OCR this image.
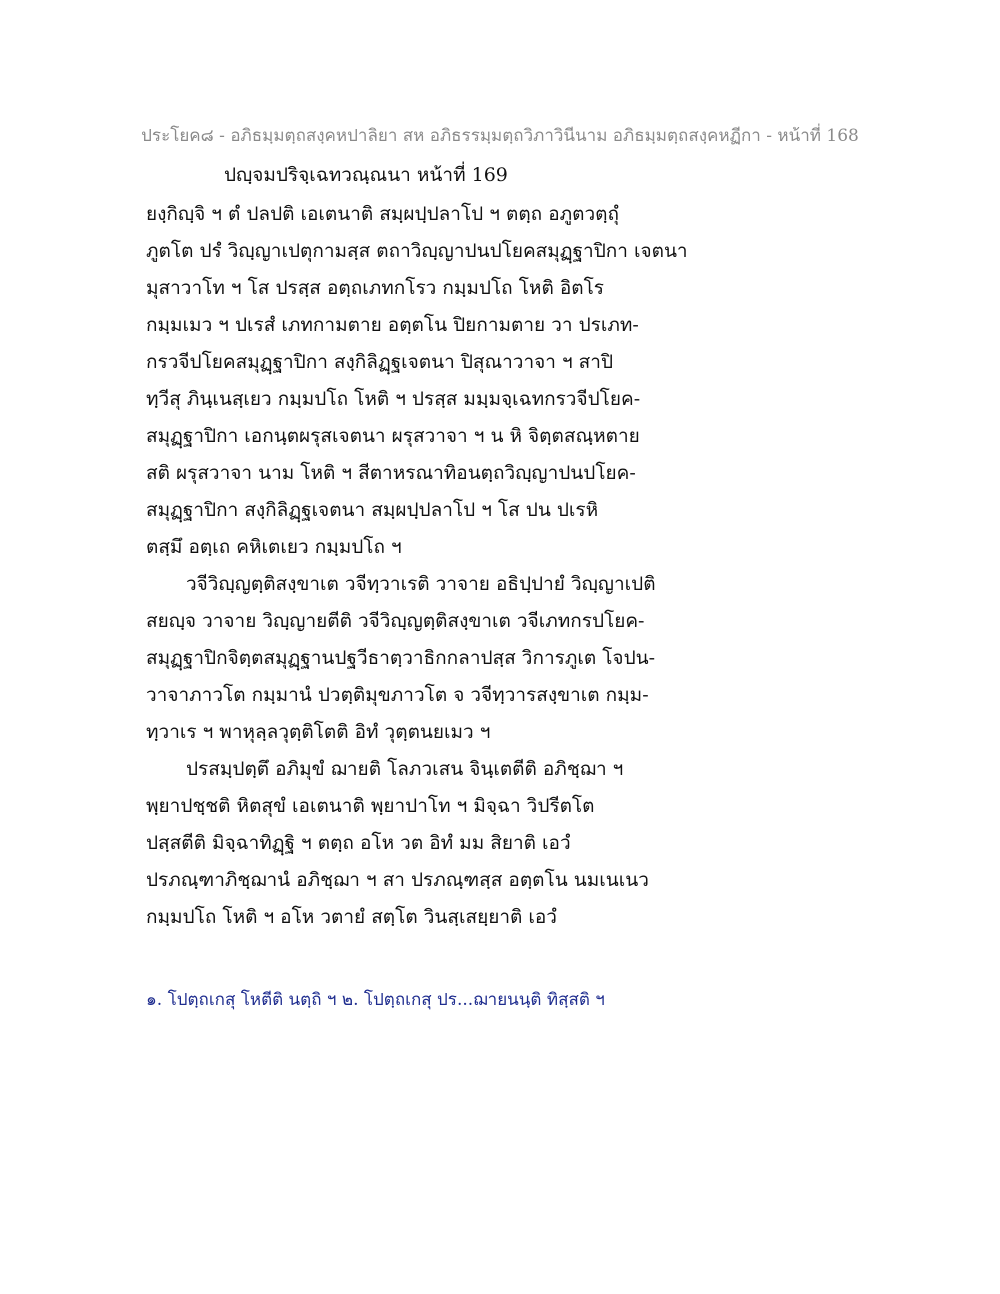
ประโยค๘ - อภิธมฺมตฺถสงฺคหปาลิยา สห อภิธรรมฺมตฺถวิภาวินีนาม อภิธมฺมตฺถสงฺคหฏีกา - หน้าที่ 168
ปญฺจมปริจฺเฉทวณฺณนา หน้าที่ 169
ยงฺกิญฺจิ ฯ ตํ ปลปติ เอเตนาติ สมฺผปฺปลาโป ฯ ตตฺถ อภูตวตฺถุํ
ภูตโต ปรํ วิญฺญาเปตุกามสฺส ตถาวิญฺญาปนปโยคสมุฏฺฐาปิกา เจตนา
มุสาวาโท ฯ โส ปรสฺส อตฺถเภทกโรว กมฺมปโถ โหติ อิตโร
กมฺมเมว ฯ ปเรสํ เภทกามตาย อตฺตโน ปิยกามตาย วา ปรเภท-
กรวจีปโยคสมุฏฺฐาปิกา สงฺกิลิฏฺฐเจตนา ปิสุณาวาจา ฯ สาปิ
ทฺวีสุ ภินฺเนสฺเยว กมฺมปโถ โหติ ฯ ปรสฺส มมฺมจฺเฉทกรวจีปโยค-
สมุฏฺฐาปิกา เอกนฺตผรุสเจตนา ผรุสวาจา ฯ น หิ จิตฺตสณฺหตาย
สติ ผรุสวาจา นาม โหติ ฯ สีตาหรณาทิอนตฺถวิญฺญาปนปโยค-
สมุฏฺฐาปิกา สงฺกิลิฏฺฐเจตนา สมฺผปฺปลาโป ฯ โส ปน ปเรหิ
ตสฺมึ อตฺเถ คหิเตเยว กมฺมปโถ ฯ
วจีวิญฺญตฺติสงฺขาเต วจีทฺวาเรติ วาจาย อธิปฺปายํ วิญฺญาเปติ
สยญฺจ วาจาย วิญฺญายตีติ วจีวิญฺญตฺติสงฺขาเต วจีเภทกรปโยค-
สมุฏฺฐาปิกจิตฺตสมุฏฺฐานปฐวีธาตฺวาธิกกลาปสฺส วิการภูเต โจปน-
วาจาภาวโต กมฺมานํ ปวตฺติมุขภาวโต จ วจีทฺวารสงฺขาเต กมฺม-
ทฺวาเร ฯ พาหุลฺลวุตฺติโตติ อิทํ วุตฺตนยเมว ฯ
ปรสมฺปตฺตึ อภิมุขํ ฌายติ โลภวเสน จินฺเตตีติ อภิชฺฌา ฯ
พฺยาปชฺชติ หิตสุขํ เอเตนาติ พฺยาปาโท ฯ มิจฺฉา วิปรีตโต
ปสฺสตีติ มิจฺฉาทิฏฺฐิ ฯ ตตฺถ อโห วต อิทํ มม สิยาติ เอวํ
ปรภณฺฑาภิชฺฌานํ อภิชฺฌา ฯ สา ปรภณฺฑสฺส อตฺตโน นมเนเนว
กมฺมปโถ โหติ ฯ อโห วตายํ สตฺโต วินสฺเสยฺยาติ เอวํ
๑. โปตฺถเกสุ โหตีติ นตฺถิ ฯ ๒. โปตฺถเกสุ ปร...ฌายนนฺติ ทิสฺสติ ฯ
